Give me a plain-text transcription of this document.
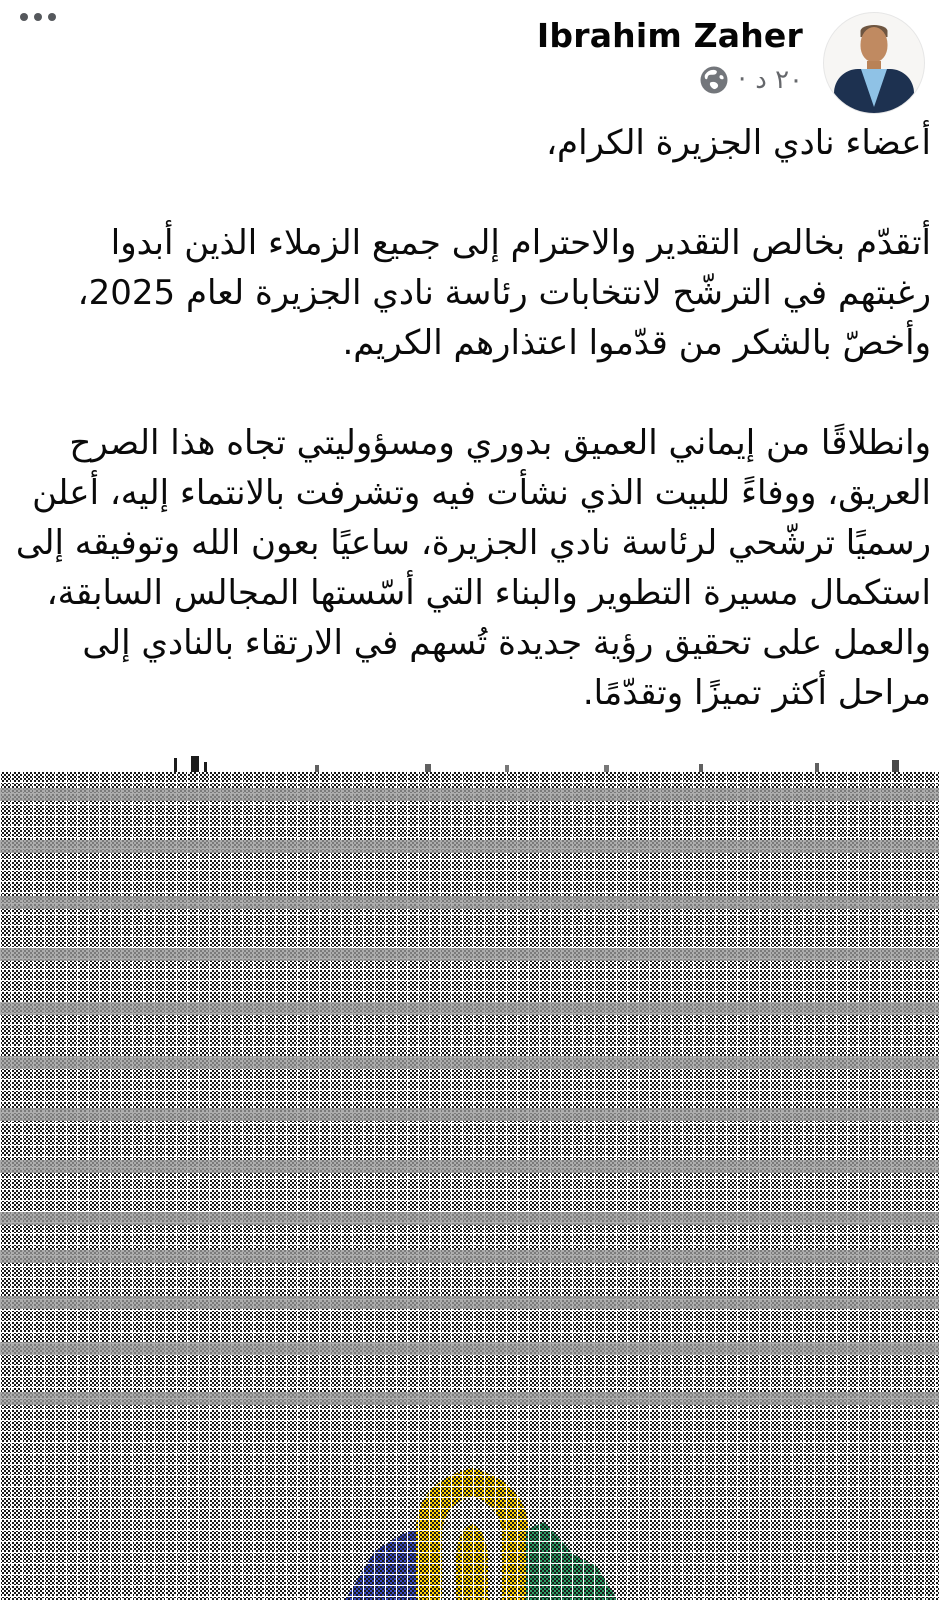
Ibrahim Zaher
٢٠ د
·
أعضاء نادي الجزيرة الكرام،

أتقدّم بخالص التقدير والاحترام إلى جميع الزملاء الذين أبدوا
رغبتهم في الترشّح لانتخابات رئاسة نادي الجزيرة لعام 2025،
وأخصّ بالشكر من قدّموا اعتذارهم الكريم.

وانطلاقًا من إيماني العميق بدوري ومسؤوليتي تجاه هذا الصرح
العريق، ووفاءً للبيت الذي نشأت فيه وتشرفت بالانتماء إليه، أعلن
رسميًا ترشّحي لرئاسة نادي الجزيرة، ساعيًا بعون الله وتوفيقه إلى
استكمال مسيرة التطوير والبناء التي أسّستها المجالس السابقة،
والعمل على تحقيق رؤية جديدة تُسهم في الارتقاء بالنادي إلى
مراحل أكثر تميزًا وتقدّمًا.
